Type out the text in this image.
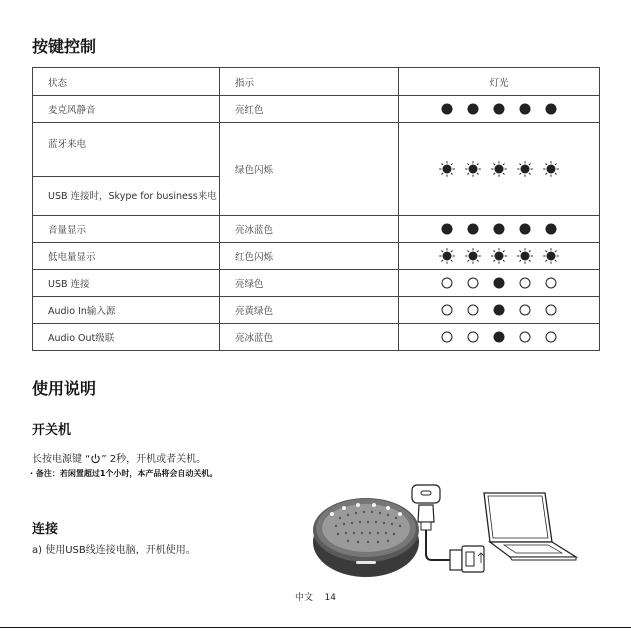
按键控制
状态	指示	灯光
麦克风静音	亮红色	

蓝牙来电	绿色闪烁	

USB 连接时，Skype for business来电		
音量显示	亮冰蓝色	

低电量显示	红色闪烁	

USB 连接	亮绿色	

Audio In输入源	亮黄绿色	

Audio Out级联	亮冰蓝色	
使用说明
开关机
长按电源键 “ ” 2秒，开机或者关机。
· 备注：若闲置超过1个小时，本产品将会自动关机。
连接
a) 使用USB线连接电脑，开机使用。
中文    14
